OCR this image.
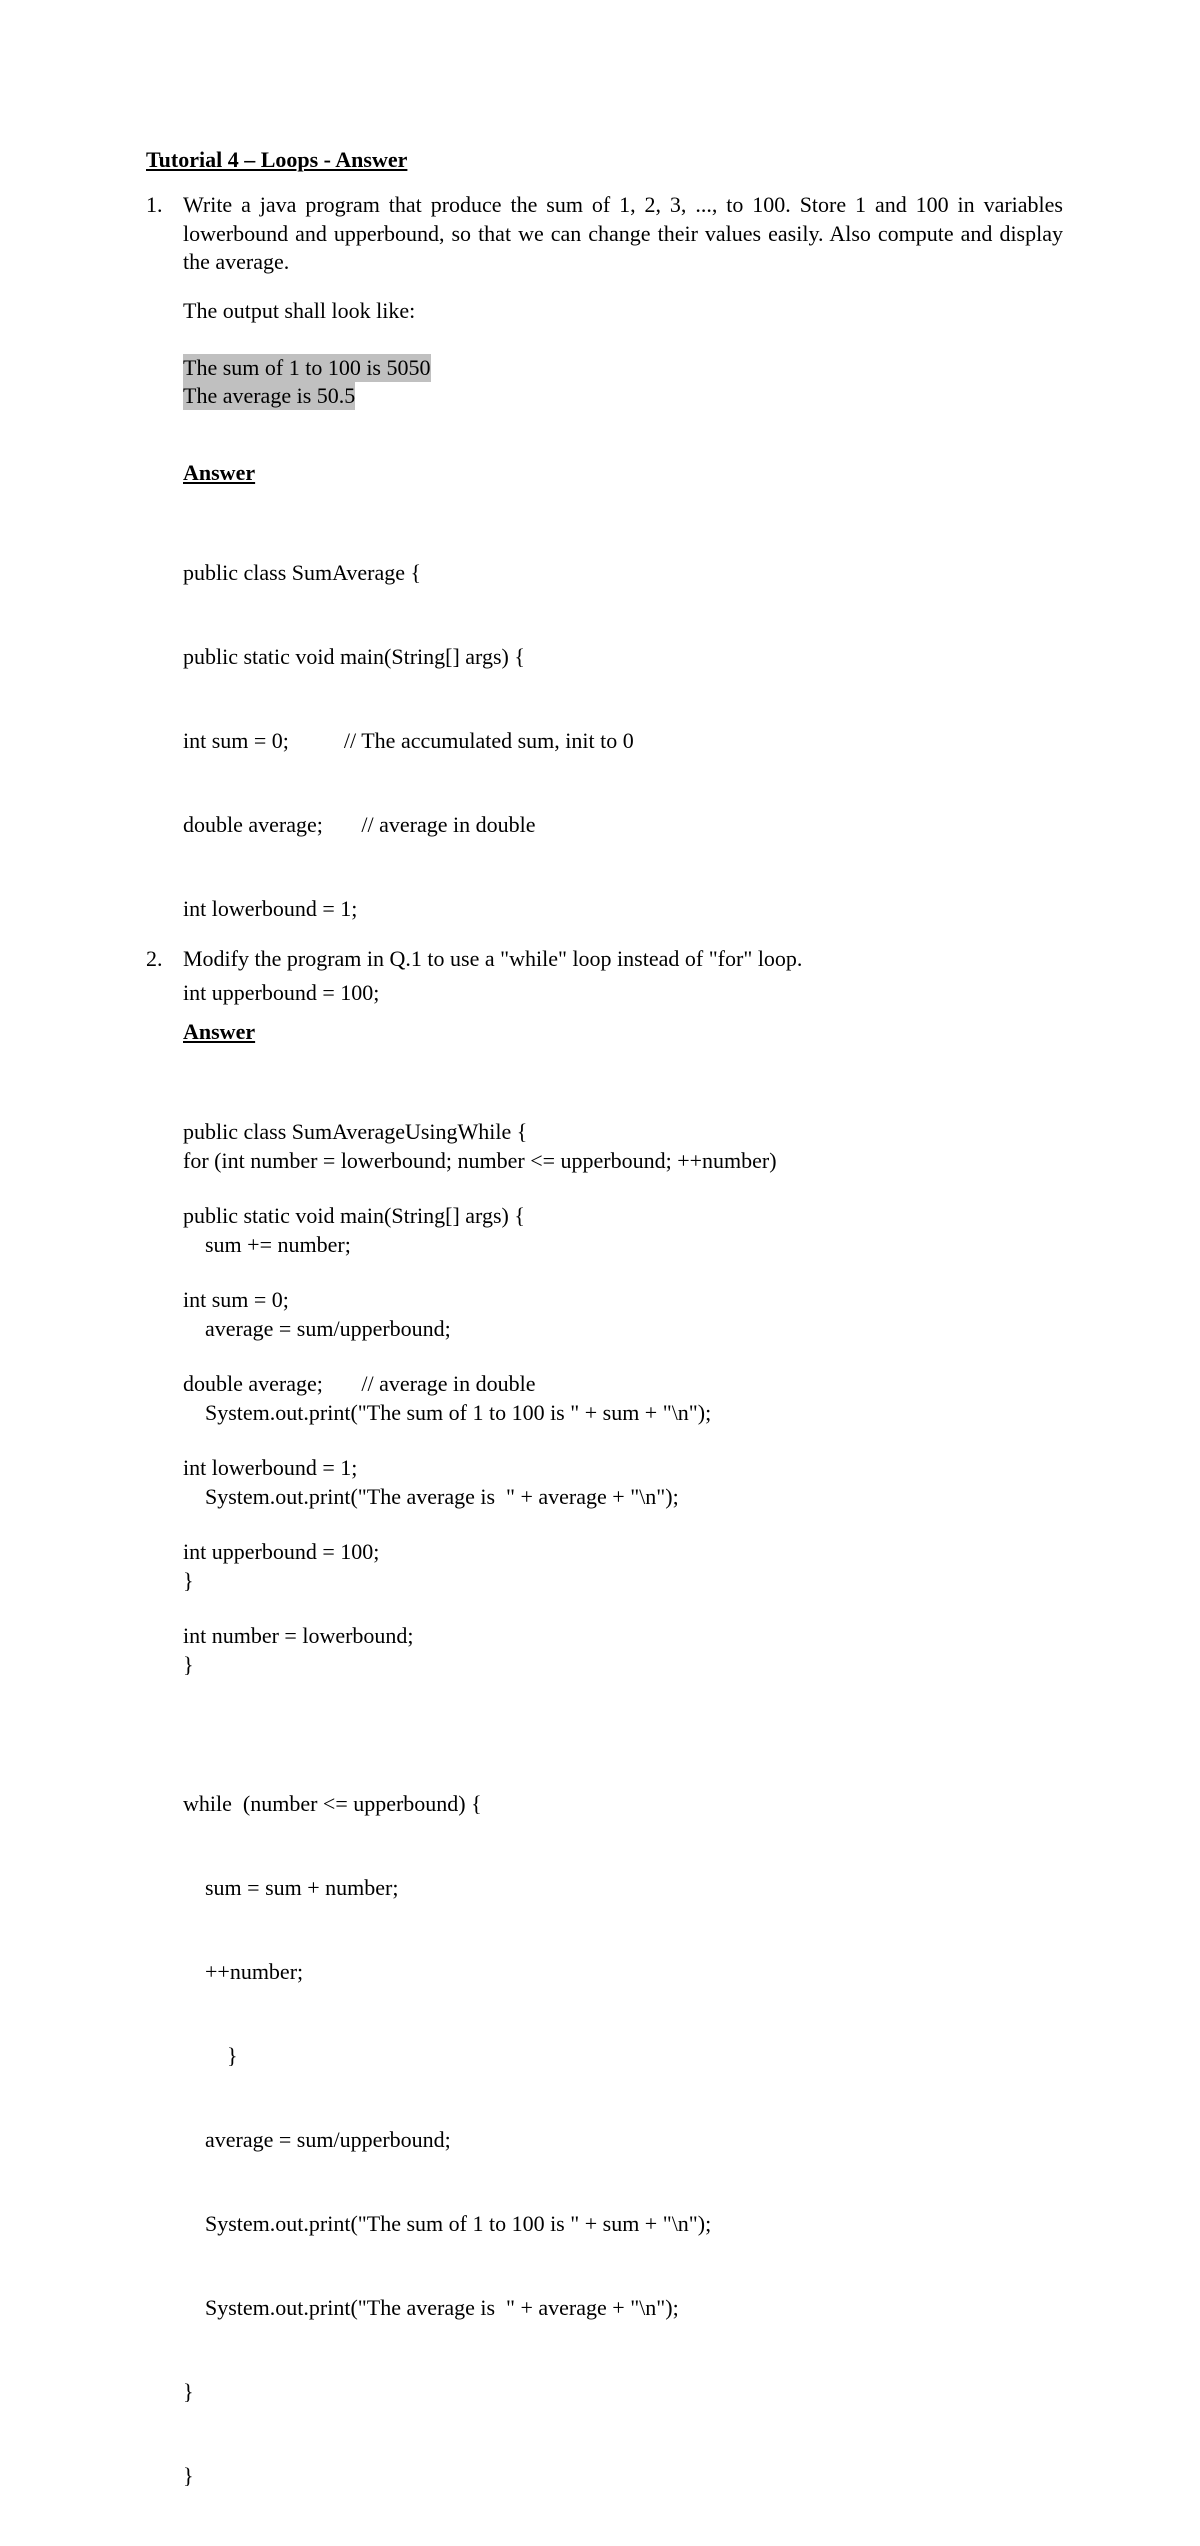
Tutorial 4 – Loops - Answer
1. Write a java program that produce the sum of 1, 2, 3, ..., to 100. Store 1 and 100 in variables lowerbound and upperbound, so that we can change their values easily. Also compute and display the average.
The output shall look like:
The sum of 1 to 100 is 5050
The average is 50.5
Answer

public class SumAverage {

public static void main(String[] args) {

int sum = 0;          // The accumulated sum, init to 0

double average;       // average in double

int lowerbound = 1;

int upperbound = 100;

for (int number = lowerbound; number <= upperbound; ++number)

sum += number;

average = sum/upperbound;

System.out.print("The sum of 1 to 100 is " + sum + "\n");

System.out.print("The average is  " + average + "\n");

}

}

2. Modify the program in Q.1 to use a "while" loop instead of "for" loop.
Answer

public class SumAverageUsingWhile {

public static void main(String[] args) {

int sum = 0;

double average;       // average in double

int lowerbound = 1;

int upperbound = 100;

int number = lowerbound;

while  (number <= upperbound) {

sum = sum + number;

++number;

}

average = sum/upperbound;

System.out.print("The sum of 1 to 100 is " + sum + "\n");

System.out.print("The average is  " + average + "\n");

}

}
